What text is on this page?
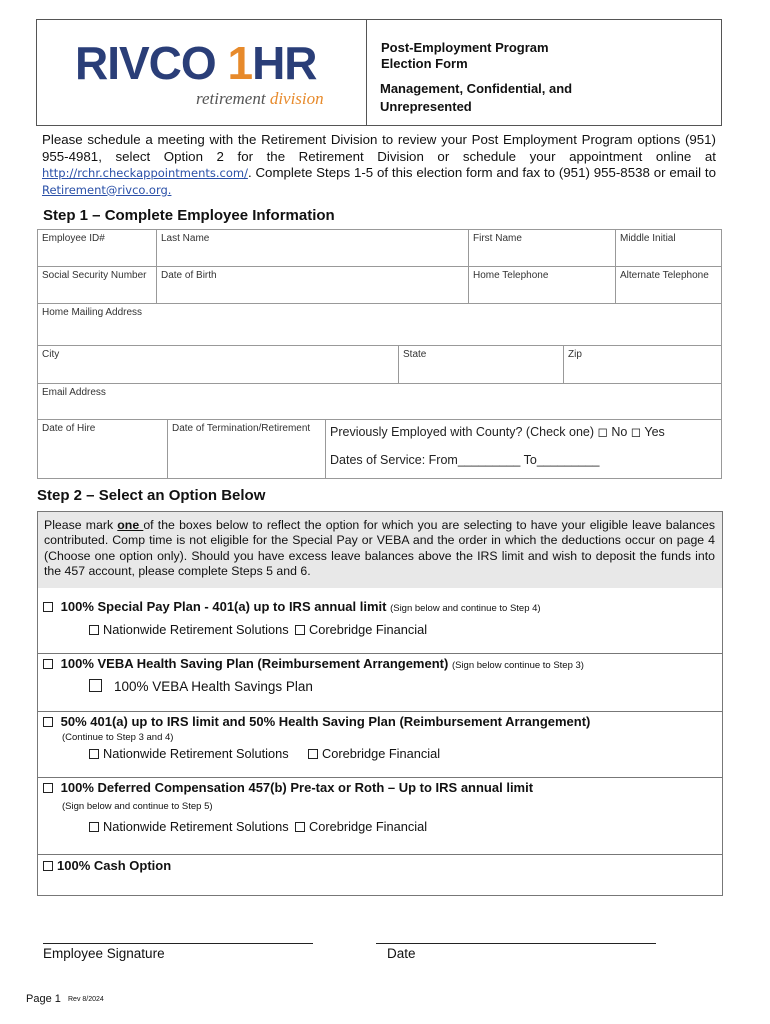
RIVCO 1HR
retirement division
Post-Employment Program
Election Form
Management, Confidential, and
Unrepresented
Please schedule a meeting with the Retirement Division to review your Post Employment Program options (951) 955-4981, select Option 2 for the Retirement Division or schedule your appointment online at http://rchr.checkappointments.com/. Complete Steps 1-5 of this election form and fax to (951) 955-8538 or email to Retirement@rivco.org.
Step 1 – Complete Employee Information
Employee ID#	Last Name	First Name	Middle Initial
Social Security Number	Date of Birth	Home Telephone	Alternate Telephone
Home Mailing Address
City	State	Zip
Email Address
Date of Hire	Date of Termination/Retirement	Previously Employed with County? (Check one) ◻ No ◻ Yes
Dates of Service: From_________ To_________
Step 2 – Select an Option Below
Please mark one of the boxes below to reflect the option for which you are selecting to have your eligible leave balances contributed. Comp time is not eligible for the Special Pay or VEBA and the order in which the deductions occur on page 4 (Choose one option only). Should you have excess leave balances above the IRS limit and wish to deposit the funds into the 457 account, please complete Steps 5 and 6.
100% Special Pay Plan - 401(a) up to IRS annual limit (Sign below and continue to Step 4)
Nationwide Retirement Solutions	Corebridge Financial
100% VEBA Health Saving Plan (Reimbursement Arrangement) (Sign below continue to Step 3)
100% VEBA Health Savings Plan
50% 401(a) up to IRS limit and 50% Health Saving Plan (Reimbursement Arrangement)
(Continue to Step 3 and 4)
Nationwide Retirement Solutions	Corebridge Financial
100% Deferred Compensation 457(b) Pre-tax or Roth – Up to IRS annual limit
(Sign below and continue to Step 5)
Nationwide Retirement Solutions	Corebridge Financial
100% Cash Option
Employee Signature	Date
Page 1 Rev 8/2024
